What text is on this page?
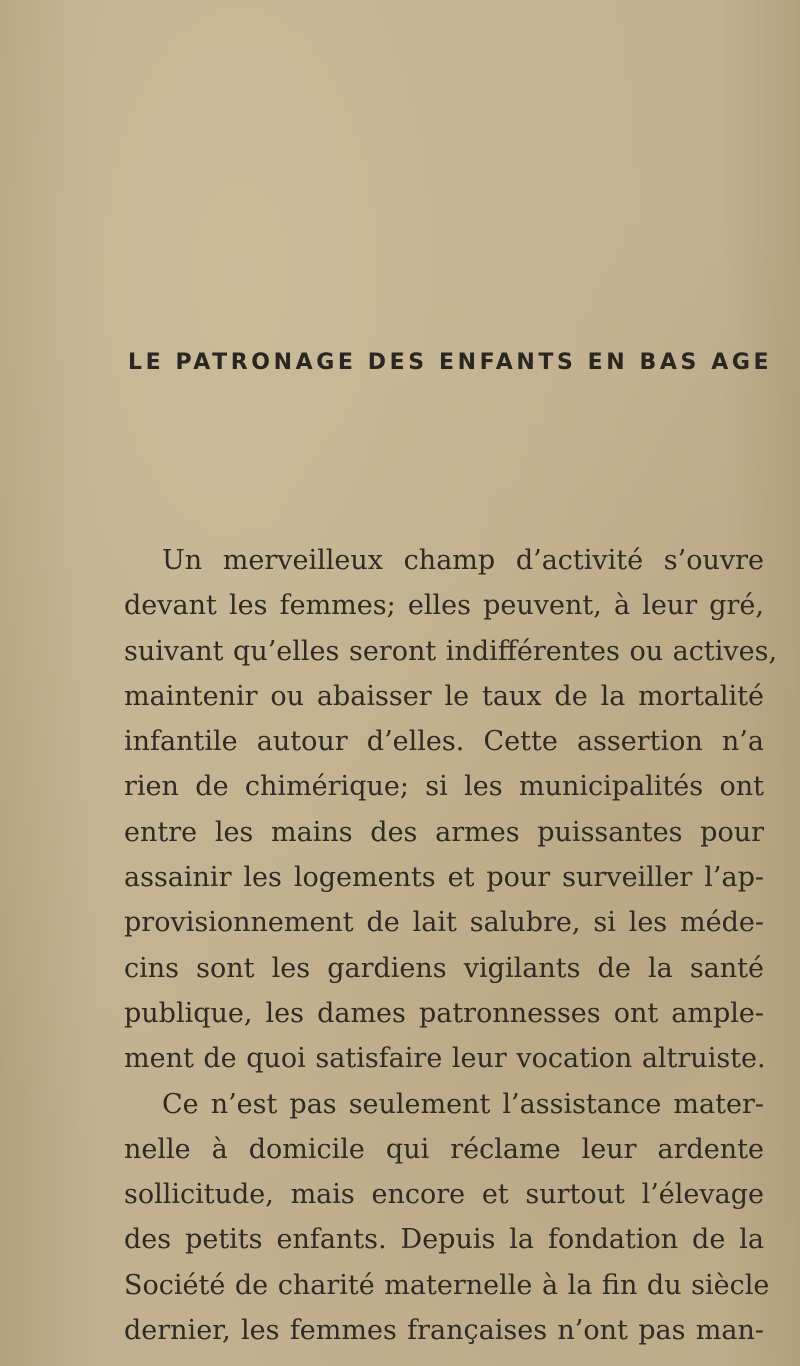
LE PATRONAGE DES ENFANTS EN BAS AGE
Un merveilleux champ d’activité s’ouvre
devant les femmes; elles peuvent, à leur gré,
suivant qu’elles seront indifférentes ou actives,
maintenir ou abaisser le taux de la mortalité
infantile autour d’elles. Cette assertion n’a
rien de chimérique; si les municipalités ont
entre les mains des armes puissantes pour
assainir les logements et pour surveiller l’ap-
provisionnement de lait salubre, si les méde-
cins sont les gardiens vigilants de la santé
publique, les dames patronnesses ont ample-
ment de quoi satisfaire leur vocation altruiste.
Ce n’est pas seulement l’assistance mater-
nelle à domicile qui réclame leur ardente
sollicitude, mais encore et surtout l’élevage
des petits enfants. Depuis la fondation de la
Société de charité maternelle à la fin du siècle
dernier, les femmes françaises n’ont pas man-
